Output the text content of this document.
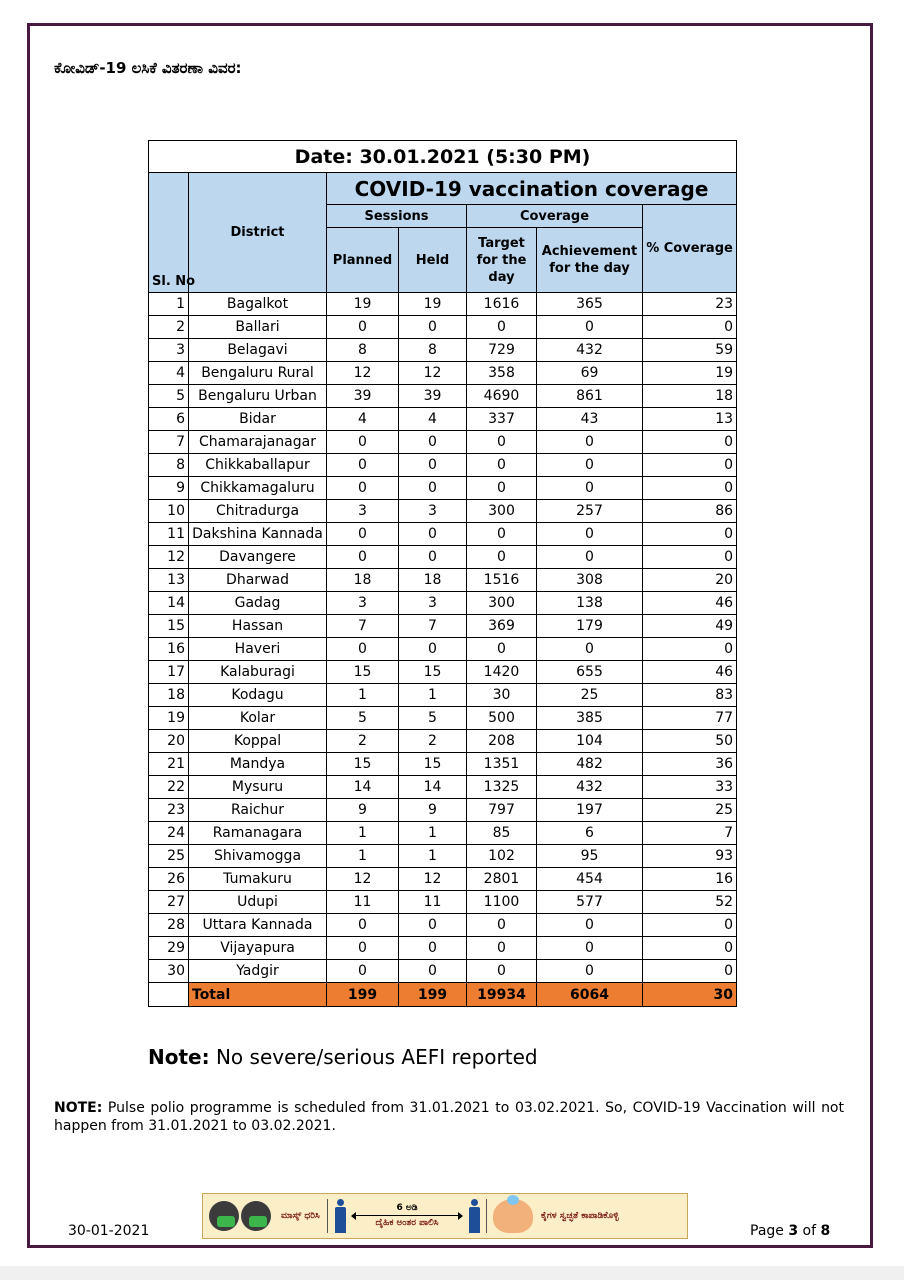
ಕೋವಿಡ್-19 ಲಸಿಕೆ ವಿತರಣಾ ವಿವರ:
Date: 30.01.2021 (5:30 PM)						
Sl. No	District	COVID-19 vaccination coverage				
		Sessions		Coverage		% Coverage
		Planned	Held	Target for the day	Achievement for the day	
1	Bagalkot	19	19	1616	365	23
2	Ballari	0	0	0	0	0
3	Belagavi	8	8	729	432	59
4	Bengaluru Rural	12	12	358	69	19
5	Bengaluru Urban	39	39	4690	861	18
6	Bidar	4	4	337	43	13
7	Chamarajanagar	0	0	0	0	0
8	Chikkaballapur	0	0	0	0	0
9	Chikkamagaluru	0	0	0	0	0
10	Chitradurga	3	3	300	257	86
11	Dakshina Kannada	0	0	0	0	0
12	Davangere	0	0	0	0	0
13	Dharwad	18	18	1516	308	20
14	Gadag	3	3	300	138	46
15	Hassan	7	7	369	179	49
16	Haveri	0	0	0	0	0
17	Kalaburagi	15	15	1420	655	46
18	Kodagu	1	1	30	25	83
19	Kolar	5	5	500	385	77
20	Koppal	2	2	208	104	50
21	Mandya	15	15	1351	482	36
22	Mysuru	14	14	1325	432	33
23	Raichur	9	9	797	197	25
24	Ramanagara	1	1	85	6	7
25	Shivamogga	1	1	102	95	93
26	Tumakuru	12	12	2801	454	16
27	Udupi	11	11	1100	577	52
28	Uttara Kannada	0	0	0	0	0
29	Vijayapura	0	0	0	0	0
30	Yadgir	0	0	0	0	0
	Total	199	199	19934	6064	30
Note: No severe/serious AEFI reported
NOTE: Pulse polio programme is scheduled from 31.01.2021 to 03.02.2021. So, COVID-19 Vaccination will not happen from 31.01.2021 to 03.02.2021.
ಮಾಸ್ಕ್ ಧರಿಸಿ
6 ಅಡಿ
ದೈಹಿಕ ಅಂತರ ಪಾಲಿಸಿ
ಕೈಗಳ ಸ್ವಚ್ಛತೆ ಕಾಪಾಡಿಕೊಳ್ಳಿ
30-01-2021	Page 3 of 8
